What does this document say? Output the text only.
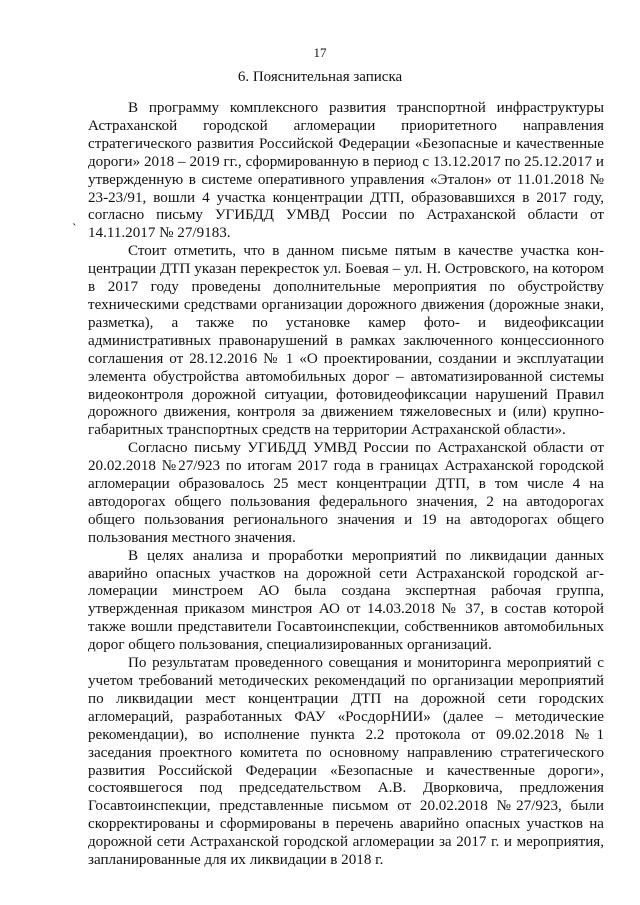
17
6. Пояснительная записка
ˋ

В программу комплексного развития транспортной инфраструктуры Астраханской городской агломерации приоритетного направления стратегического развития Российской Федерации «Безопасные и качественные дороги» 2018 – 2019 гг., сформированную в период с 13.12.2017 по 25.12.2017 и утвержденную в системе оперативного управления «Эталон» от 11.01.2018 № 23-23/91, вошли 4 участка концентрации ДТП, образовавшихся в 2017 году, согласно письму УГИБДД УМВД России по Астраханской области от 14.11.2017 № 27/9183.

Стоит отметить, что в данном письме пятым в качестве участка концентрации ДТП указан перекресток ул. Боевая – ул. Н. Островского, на котором в 2017 году проведены дополнительные мероприятия по обустройству техническими средствами организации дорожного движения (дорожные знаки, разметка), а также по установке камер фото- и видеофиксации административных правонарушений в рамках заключенного концессионного соглашения от 28.12.2016 № 1 «О проектировании, создании и эксплуатации элемента обустройства автомобильных дорог – автоматизированной системы видеоконтроля дорожной ситуации, фотовидеофиксации нарушений Правил дорожного движения, контроля за движением тяжеловесных и (или) крупногабаритных транспортных средств на территории Астраханской области».

Согласно письму УГИБДД УМВД России по Астраханской области от 20.02.2018 №27/923 по итогам 2017 года в границах Астраханской городской агломерации образовалось 25 мест концентрации ДТП, в том числе 4 на автодорогах общего пользования федерального значения, 2 на автодорогах общего пользования регионального значения и 19 на автодорогах общего пользования местного значения.

В целях анализа и проработки мероприятий по ликвидации данных аварийно опасных участков на дорожной сети Астраханской городской агломерации минстроем АО была создана экспертная рабочая группа, утвержденная приказом минстроя АО от 14.03.2018 № 37, в состав которой также вошли представители Госавтоинспекции, собственников автомобильных дорог общего пользования, специализированных организаций.

По результатам проведенного совещания и мониторинга мероприятий с учетом требований методических рекомендаций по организации мероприятий по ликвидации мест концентрации ДТП на дорожной сети городских агломераций, разработанных ФАУ «РосдорНИИ» (далее – методические рекомендации), во исполнение пункта 2.2 протокола от 09.02.2018 №1 заседания проектного комитета по основному направлению стратегического развития Российской Федерации «Безопасные и качественные дороги», состоявшегося под председательством А.В. Дворковича, предложения Госавтоинспекции, представленные письмом от 20.02.2018 №27/923, были скорректированы и сформированы в перечень аварийно опасных участков на дорожной сети Астраханской городской агломерации за 2017 г. и мероприятия, запланированные для их ликвидации в 2018 г.
